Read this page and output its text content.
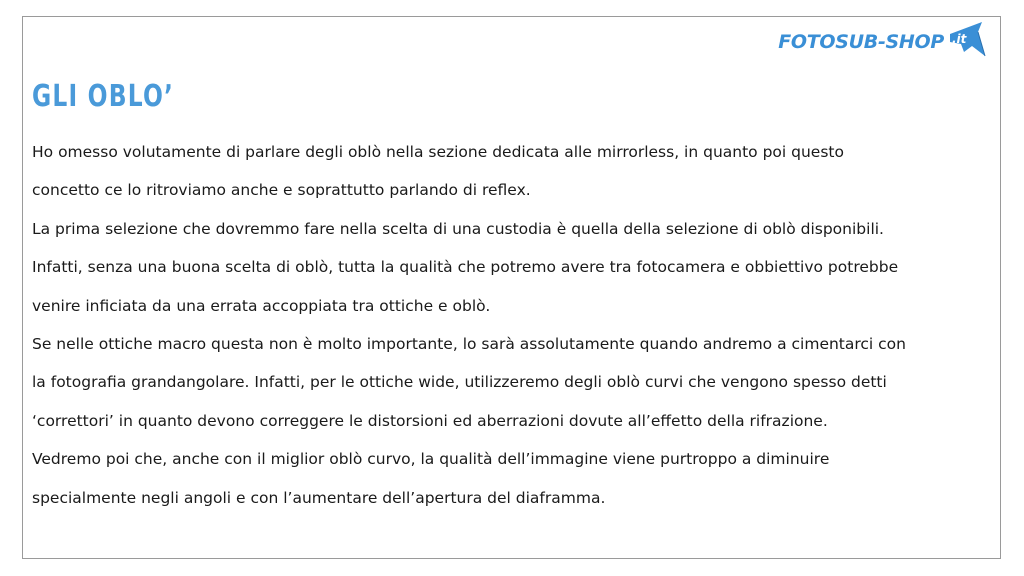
FOTOSUB-SHOP .it
GLI OBLO’
Ho omesso volutamente di parlare degli oblò nella sezione dedicata alle mirrorless, in quanto poi questo
concetto ce lo ritroviamo anche e soprattutto parlando di reflex.
La prima selezione che dovremmo fare nella scelta di una custodia è quella della selezione di oblò disponibili.
Infatti, senza una buona scelta di oblò, tutta la qualità che potremo avere tra fotocamera e obbiettivo potrebbe
venire inficiata da una errata accoppiata tra ottiche e oblò.
Se nelle ottiche macro questa non è molto importante, lo sarà assolutamente quando andremo a cimentarci con
la fotografia grandangolare. Infatti, per le ottiche wide, utilizzeremo degli oblò curvi che vengono spesso detti
‘correttori’ in quanto devono correggere le distorsioni ed aberrazioni dovute all’effetto della rifrazione.
Vedremo poi che, anche con il miglior oblò curvo, la qualità dell’immagine viene purtroppo a diminuire
specialmente negli angoli e con l’aumentare dell’apertura del diaframma.
